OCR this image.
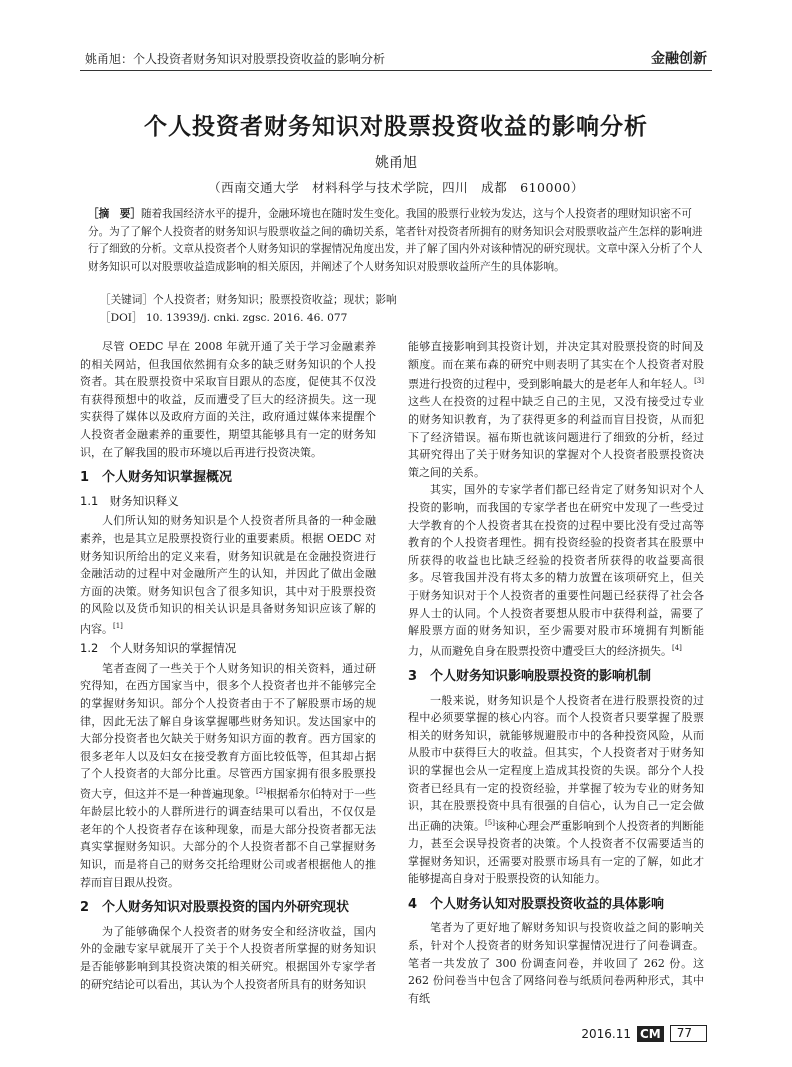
姚甬旭：个人投资者财务知识对股票投资收益的影响分析	金融创新
个人投资者财务知识对股票投资收益的影响分析
姚甬旭
（西南交通大学　材料科学与技术学院，四川　成都　610000）
［摘　要］随着我国经济水平的提升，金融环境也在随时发生变化。我国的股票行业较为发达，这与个人投资者的理财知识密不可分。为了了解个人投资者的财务知识与股票收益之间的确切关系，笔者针对投资者所拥有的财务知识会对股票收益产生怎样的影响进行了细致的分析。文章从投资者个人财务知识的掌握情况角度出发，并了解了国内外对该种情况的研究现状。文章中深入分析了个人财务知识可以对股票收益造成影响的相关原因，并阐述了个人财务知识对股票收益所产生的具体影响。
［关键词］个人投资者；财务知识；股票投资收益；现状；影响
［DOI］ 10. 13939/j. cnki. zgsc. 2016. 46. 077

尽管 OEDC 早在 2008 年就开通了关于学习金融素养的相关网站，但我国依然拥有众多的缺乏财务知识的个人投资者。其在股票投资中采取盲目跟从的态度，促使其不仅没有获得预想中的收益，反而遭受了巨大的经济损失。这一现实获得了媒体以及政府方面的关注，政府通过媒体来提醒个人投资者金融素养的重要性，期望其能够具有一定的财务知识，在了解我国的股市环境以后再进行投资决策。

1　个人财务知识掌握概况
1.1　财务知识释义

人们所认知的财务知识是个人投资者所具备的一种金融素养，也是其立足股票投资行业的重要素质。根据 OEDC 对财务知识所给出的定义来看，财务知识就是在金融投资进行金融活动的过程中对金融所产生的认知，并因此了做出金融方面的决策。财务知识包含了很多知识，其中对于股票投资的风险以及货币知识的相关认识是具备财务知识应该了解的内容。[1]

1.2　个人财务知识的掌握情况

笔者查阅了一些关于个人财务知识的相关资料，通过研究得知，在西方国家当中，很多个人投资者也并不能够完全的掌握财务知识。部分个人投资者由于不了解股票市场的规律，因此无法了解自身该掌握哪些财务知识。发达国家中的大部分投资者也欠缺关于财务知识方面的教育。西方国家的很多老年人以及妇女在接受教育方面比较低等，但其却占据了个人投资者的大部分比重。尽管西方国家拥有很多股票投资大亨，但这并不是一种普遍现象。[2]根据希尔伯特对于一些年龄层比较小的人群所进行的调查结果可以看出，不仅仅是老年的个人投资者存在该种现象，而是大部分投资者都无法真实掌握财务知识。大部分的个人投资者都不自己掌握财务知识，而是将自己的财务交托给理财公司或者根据他人的推荐而盲目跟从投资。

2　个人财务知识对股票投资的国内外研究现状

为了能够确保个人投资者的财务安全和经济收益，国内外的金融专家早就展开了关于个人投资者所掌握的财务知识是否能够影响到其投资决策的相关研究。根据国外专家学者的研究结论可以看出，其认为个人投资者所具有的财务知识

能够直接影响到其投资计划，并决定其对股票投资的时间及额度。而在莱布森的研究中则表明了其实在个人投资者对股票进行投资的过程中，受到影响最大的是老年人和年轻人。[3]这些人在投资的过程中缺乏自己的主见，又没有接受过专业的财务知识教育，为了获得更多的利益而盲目投资，从而犯下了经济错误。福布斯也就该问题进行了细致的分析，经过其研究得出了关于财务知识的掌握对个人投资者股票投资决策之间的关系。

其实，国外的专家学者们都已经肯定了财务知识对个人投资的影响，而我国的专家学者也在研究中发现了一些受过大学教育的个人投资者其在投资的过程中要比没有受过高等教育的个人投资者理性。拥有投资经验的投资者其在股票中所获得的收益也比缺乏经验的投资者所获得的收益要高很多。尽管我国并没有将太多的精力放置在该项研究上，但关于财务知识对于个人投资者的重要性问题已经获得了社会各界人士的认同。个人投资者要想从股市中获得利益，需要了解股票方面的财务知识，至少需要对股市环境拥有判断能力，从而避免自身在股票投资中遭受巨大的经济损失。[4]

3　个人财务知识影响股票投资的影响机制

一般来说，财务知识是个人投资者在进行股票投资的过程中必须要掌握的核心内容。而个人投资者只要掌握了股票相关的财务知识，就能够规避股市中的各种投资风险，从而从股市中获得巨大的收益。但其实，个人投资者对于财务知识的掌握也会从一定程度上造成其投资的失误。部分个人投资者已经具有一定的投资经验，并掌握了较为专业的财务知识，其在股票投资中具有很强的自信心，认为自己一定会做出正确的决策。[5]该种心理会严重影响到个人投资者的判断能力，甚至会误导投资者的决策。个人投资者不仅需要适当的掌握财务知识，还需要对股票市场具有一定的了解，如此才能够提高自身对于股票投资的认知能力。

4　个人财务认知对股票投资收益的具体影响

笔者为了更好地了解财务知识与投资收益之间的影响关系，针对个人投资者的财务知识掌握情况进行了问卷调查。笔者一共发放了 300 份调查问卷，并收回了 262 份。这 262 份问卷当中包含了网络问卷与纸质问卷两种形式，其中有纸

2016.11 CM	77
